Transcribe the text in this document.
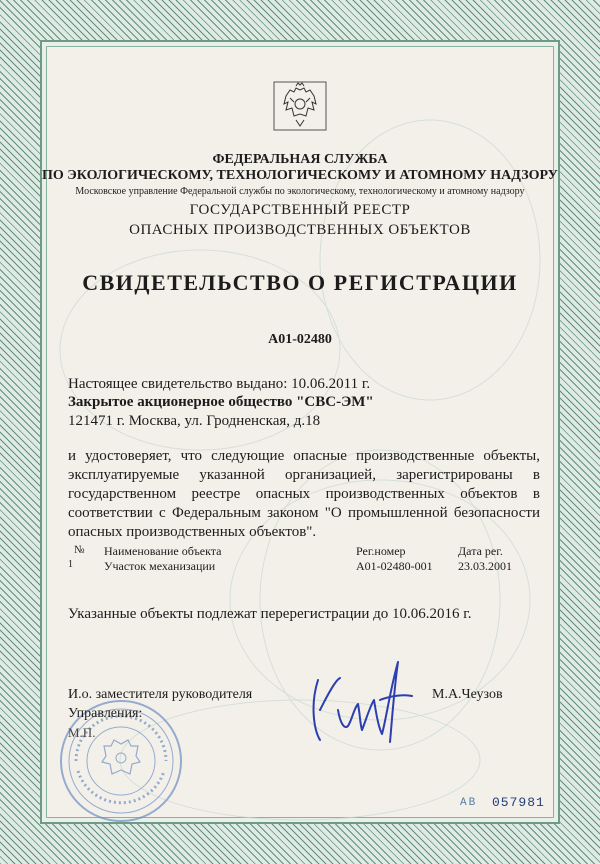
ФЕДЕРАЛЬНАЯ СЛУЖБА
ПО ЭКОЛОГИЧЕСКОМУ, ТЕХНОЛОГИЧЕСКОМУ И АТОМНОМУ НАДЗОРУ
Московское управление Федеральной службы по экологическому, технологическому и атомному надзору
ГОСУДАРСТВЕННЫЙ РЕЕСТР
ОПАСНЫХ ПРОИЗВОДСТВЕННЫХ ОБЪЕКТОВ
СВИДЕТЕЛЬСТВО О РЕГИСТРАЦИИ
А01-02480
Настоящее свидетельство выдано: 10.06.2011 г.
Закрытое акционерное общество "СВС-ЭМ"
121471 г. Москва, ул. Гродненская, д.18
и удостоверяет, что следующие опасные производственные объекты,
эксплуатируемые указанной организацией, зарегистрированы в
государственном реестре опасных производственных объектов в
соответствии с Федеральным законом "О промышленной безопасности
опасных производственных объектов".
№ Наименование объекта	Рег.номер	Дата рег.
1	Участок механизации	А01-02480-001 23.03.2001
Указанные объекты подлежат перерегистрации до 10.06.2016 г.
И.о. заместителя руководителя
Управления:
М.П.
М.А.Чеузов
АВ 057981
